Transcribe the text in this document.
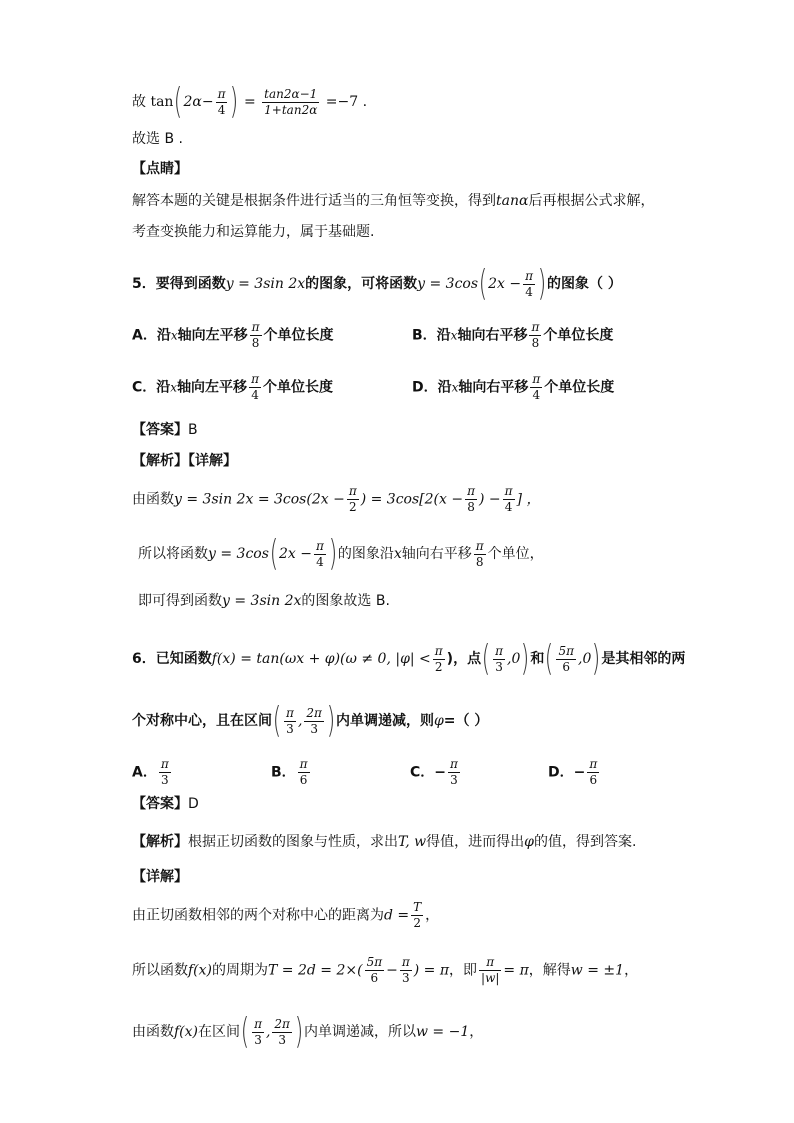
故 $\tan(2\alpha- \frac{\pi}{4}$ ) = $\frac{\tan 2\alpha-1}{1+\tan 2\alpha} =-7$ .
故选 B .
【点睛】
解答本题的关键是根据条件进行适当的三角恒等变换，得到tanα后再根据公式求解，
考查变换能力和运算能力，属于基础题.
5．要得到函数y = 3sin 2x的图象，可将函数$y = 3\cos(2x - \frac{\pi}{4}$ )的图象（ ）
A．沿x轴向左平移 $\frac{\pi}{8}$ 个单位长度	B．沿x轴向右平移 $\frac{\pi}{8}$ 个单位长度
C．沿x轴向左平移 $\frac{\pi}{4}$ 个单位长度	D．沿x轴向右平移 $\frac{\pi}{4}$ 个单位长度
【答案】B
【解析】【详解】
由函数y = 3sin $2x = 3\cos(2x - \frac{\pi}{2}$ ) = $3\cos[2(x - \frac{\pi}{8}$ ) − $\frac{\pi}{4}$ ] ，
所以将函数$y = 3\cos(2x - \frac{\pi}{4}$ )的图象沿x轴向右平移 $\frac{\pi}{8}$ 个单位，
即可得到函数y = 3sin 2x的图象故选 B.
6．已知函数f(x) = tan(ωx + φ)(ω ≠ 0, $|\varphi| < \frac{\pi}{2}$ )，点( $\frac{\pi}{3} ,0$)和( $\frac{5\pi}{6} ,0$)是其相邻的两
个对称中心，且在区间( $\frac{\pi}{3}$ , $\frac{2\pi}{3}$ )内单调递减，则φ=（ ）
A． $\frac{\pi}{3}$	B． $\frac{\pi}{6}$	C．− $\frac{\pi}{3}$	D．− $\frac{\pi}{6}$
【答案】D
【解析】根据正切函数的图象与性质，求出T, w得值，进而得出φ的值，得到答案.
【详解】
由正切函数相邻的两个对称中心的距离为$d = \frac{T}{2}$ ，
所以函数f(x)的周期为$T = 2d = 2\times( \frac{5\pi}{6} - \frac{\pi}{3}$ ) = π，即 $\frac{\pi}{|w|} = \pi$，解得w = ±1，
由函数f(x)在区间( $\frac{\pi}{3}$ , $\frac{2\pi}{3}$ )内单调递减，所以w = −1，
